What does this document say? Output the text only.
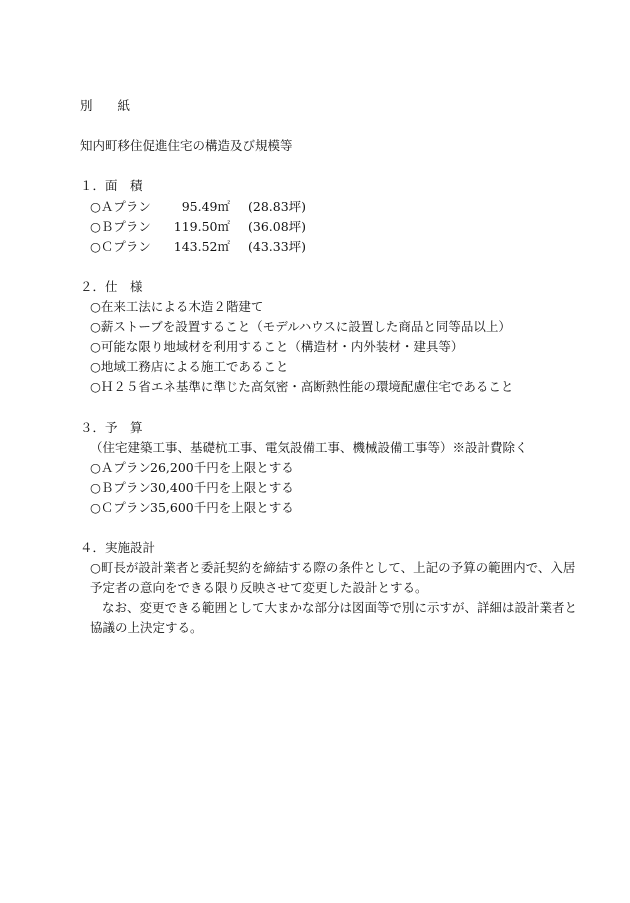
別　　紙
知内町移住促進住宅の構造及び規模等
１．面　積
○Ａプラン 95.49㎡ (28.83坪)
○Ｂプラン 119.50㎡ (36.08坪)
○Ｃプラン 143.52㎡ (43.33坪)
２．仕　様
○在来工法による木造２階建て
○薪ストーブを設置すること（モデルハウスに設置した商品と同等品以上）
○可能な限り地域材を利用すること（構造材・内外装材・建具等）
○地域工務店による施工であること
○Ｈ２５省エネ基準に準じた高気密・高断熱性能の環境配慮住宅であること
３．予　算
（住宅建築工事、基礎杭工事、電気設備工事、機械設備工事等）※設計費除く
○Ａプラン26,200千円を上限とする
○Ｂプラン30,400千円を上限とする
○Ｃプラン35,600千円を上限とする
４．実施設計
○町長が設計業者と委託契約を締結する際の条件として、上記の予算の範囲内で、入居
予定者の意向をできる限り反映させて変更した設計とする。
なお、変更できる範囲として大まかな部分は図面等で別に示すが、詳細は設計業者と
協議の上決定する。
